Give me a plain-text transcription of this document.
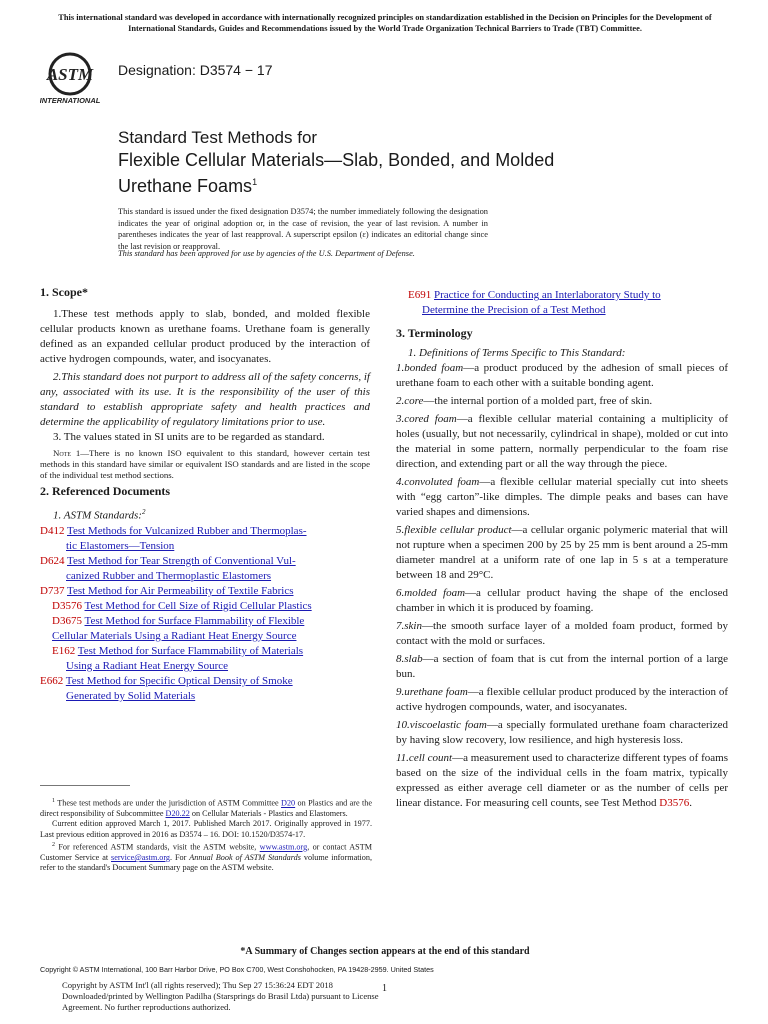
This international standard was developed in accordance with internationally recognized principles on standardization established in the Decision on Principles for the Development of International Standards, Guides and Recommendations issued by the World Trade Organization Technical Barriers to Trade (TBT) Committee.
ASTM
INTERNATIONAL
Designation: D3574 − 17
Standard Test Methods for
Flexible Cellular Materials—Slab, Bonded, and Molded
Urethane Foams$^1$
This standard is issued under the fixed designation D3574; the number immediately following the designation indicates the year of original adoption or, in the case of revision, the year of last revision. A number in parentheses indicates the year of last reapproval. A superscript epsilon (ε) indicates an editorial change since the last revision or reapproval.
This standard has been approved for use by agencies of the U.S. Department of Defense.
1. Scope*

1.These test methods apply to slab, bonded, and molded flexible cellular products known as urethane foams. Urethane foam is generally defined as an expanded cellular product produced by the interaction of active hydrogen compounds, water, and isocyanates.

2.This standard does not purport to address all of the safety concerns, if any, associated with its use. It is the responsibility of the user of this standard to establish appropriate safety and health practices and determine the applicability of regulatory limitations prior to use.

3. The values stated in SI units are to be regarded as standard.

Note 1—There is no known ISO equivalent to this standard, however certain test methods in this standard have similar or equivalent ISO standards and are listed in the scope of the individual test method sections.

2. Referenced Documents

1. ASTM Standards:$^2$

D412 Test Methods for Vulcanized Rubber and Thermoplas-
tic Elastomers—Tension
D624 Test Method for Tear Strength of Conventional Vul-
canized Rubber and Thermoplastic Elastomers
D737 Test Method for Air Permeability of Textile Fabrics
D3576 Test Method for Cell Size of Rigid Cellular Plastics
D3675 Test Method for Surface Flammability of Flexible
Cellular Materials Using a Radiant Heat Energy Source
E162 Test Method for Surface Flammability of Materials
Using a Radiant Heat Energy Source
E662 Test Method for Specific Optical Density of Smoke
Generated by Solid Materials

$^1$ These test methods are under the jurisdiction of ASTM Committee D20 on Plastics and are the direct responsibility of Subcommittee D20.22 on Cellular Materials - Plastics and Elastomers.

Current edition approved March 1, 2017. Published March 2017. Originally approved in 1977. Last previous edition approved in 2016 as D3574 – 16. DOI: 10.1520/D3574-17.

$^2$ For referenced ASTM standards, visit the ASTM website, www.astm.org, or contact ASTM Customer Service at service@astm.org. For Annual Book of ASTM Standards volume information, refer to the standard's Document Summary page on the ASTM website.

E691 Practice for Conducting an Interlaboratory Study to
Determine the Precision of a Test Method
3. Terminology

1. Definitions of Terms Specific to This Standard:

1.bonded foam—a product produced by the adhesion of small pieces of urethane foam to each other with a suitable bonding agent.

2.core—the internal portion of a molded part, free of skin.

3.cored foam—a flexible cellular material containing a multiplicity of holes (usually, but not necessarily, cylindrical in shape), molded or cut into the material in some pattern, normally perpendicular to the foam rise direction, and extending part or all the way through the piece.

4.convoluted foam—a flexible cellular material specially cut into sheets with “egg carton”-like dimples. The dimple peaks and bases can have varied shapes and dimensions.

5.flexible cellular product—a cellular organic polymeric material that will not rupture when a specimen 200 by 25 by 25 mm is bent around a 25-mm diameter mandrel at a uniform rate of one lap in 5 s at a temperature between 18 and 29°C.

6.molded foam—a cellular product having the shape of the enclosed chamber in which it is produced by foaming.

7.skin—the smooth surface layer of a molded foam product, formed by contact with the mold or surfaces.

8.slab—a section of foam that is cut from the internal portion of a large bun.

9.urethane foam—a flexible cellular product produced by the interaction of active hydrogen compounds, water, and isocyanates.

10.viscoelastic foam—a specially formulated urethane foam characterized by having slow recovery, low resilience, and high hysteresis loss.

11.cell count—a measurement used to characterize different types of foams based on the size of the individual cells in the foam matrix, typically expressed as either average cell diameter or as the number of cells per linear distance. For measuring cell counts, see Test Method D3576.

*A Summary of Changes section appears at the end of this standard
Copyright © ASTM International, 100 Barr Harbor Drive, PO Box C700, West Conshohocken, PA 19428-2959. United States
Copyright by ASTM Int'l (all rights reserved); Thu Sep 27 15:36:24 EDT 2018 Downloaded/printed by Wellington Padilha (Starsprings do Brasil Ltda) pursuant to License Agreement. No further reproductions authorized.
1
